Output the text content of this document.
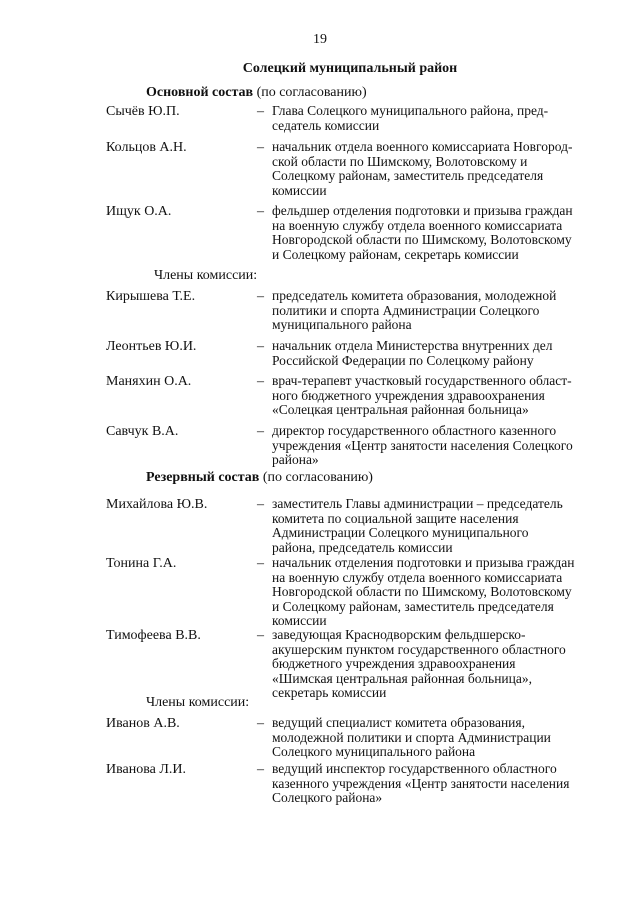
19
Солецкий муниципальный район
Основной состав (по согласованию)
Сычёв Ю.П.	– Глава Солецкого муниципального района, пред-
седатель комиссии
Кольцов А.Н.	– начальник отдела военного комиссариата Новгород-
ской области по Шимскому, Волотовскому и
Солецкому районам, заместитель председателя
комиссии
Ищук О.А.	– фельдшер отделения подготовки и призыва граждан
на военную службу отдела военного комиссариата
Новгородской области по Шимскому, Волотовскому
и Солецкому районам, секретарь комиссии
Члены комиссии:
Кирышева Т.Е.	– председатель комитета образования, молодежной
политики и спорта Администрации Солецкого
муниципального района
Леонтьев Ю.И.	– начальник отдела Министерства внутренних дел
Российской Федерации по Солецкому району
Маняхин О.А.	– врач-терапевт участковый государственного област-
ного бюджетного учреждения здравоохранения
«Солецкая центральная районная больница»
Савчук В.А.	– директор государственного областного казенного
учреждения «Центр занятости населения Солецкого
района»
Резервный состав (по согласованию)
Михайлова Ю.В.	– заместитель Главы администрации – председатель
комитета по социальной защите населения
Администрации Солецкого муниципального
района, председатель комиссии
Тонина Г.А.	– начальник отделения подготовки и призыва граждан
на военную службу отдела военного комиссариата
Новгородской области по Шимскому, Волотовскому
и Солецкому районам, заместитель председателя
комиссии
Тимофеева В.В.	– заведующая Краснодворским фельдшерско-
акушерским пунктом государственного областного
бюджетного учреждения здравоохранения
«Шимская центральная районная больница»,
секретарь комиссии
Члены комиссии:
Иванов А.В.	– ведущий специалист комитета образования,
молодежной политики и спорта Администрации
Солецкого муниципального района
Иванова Л.И.	– ведущий инспектор государственного областного
казенного учреждения «Центр занятости населения
Солецкого района»
